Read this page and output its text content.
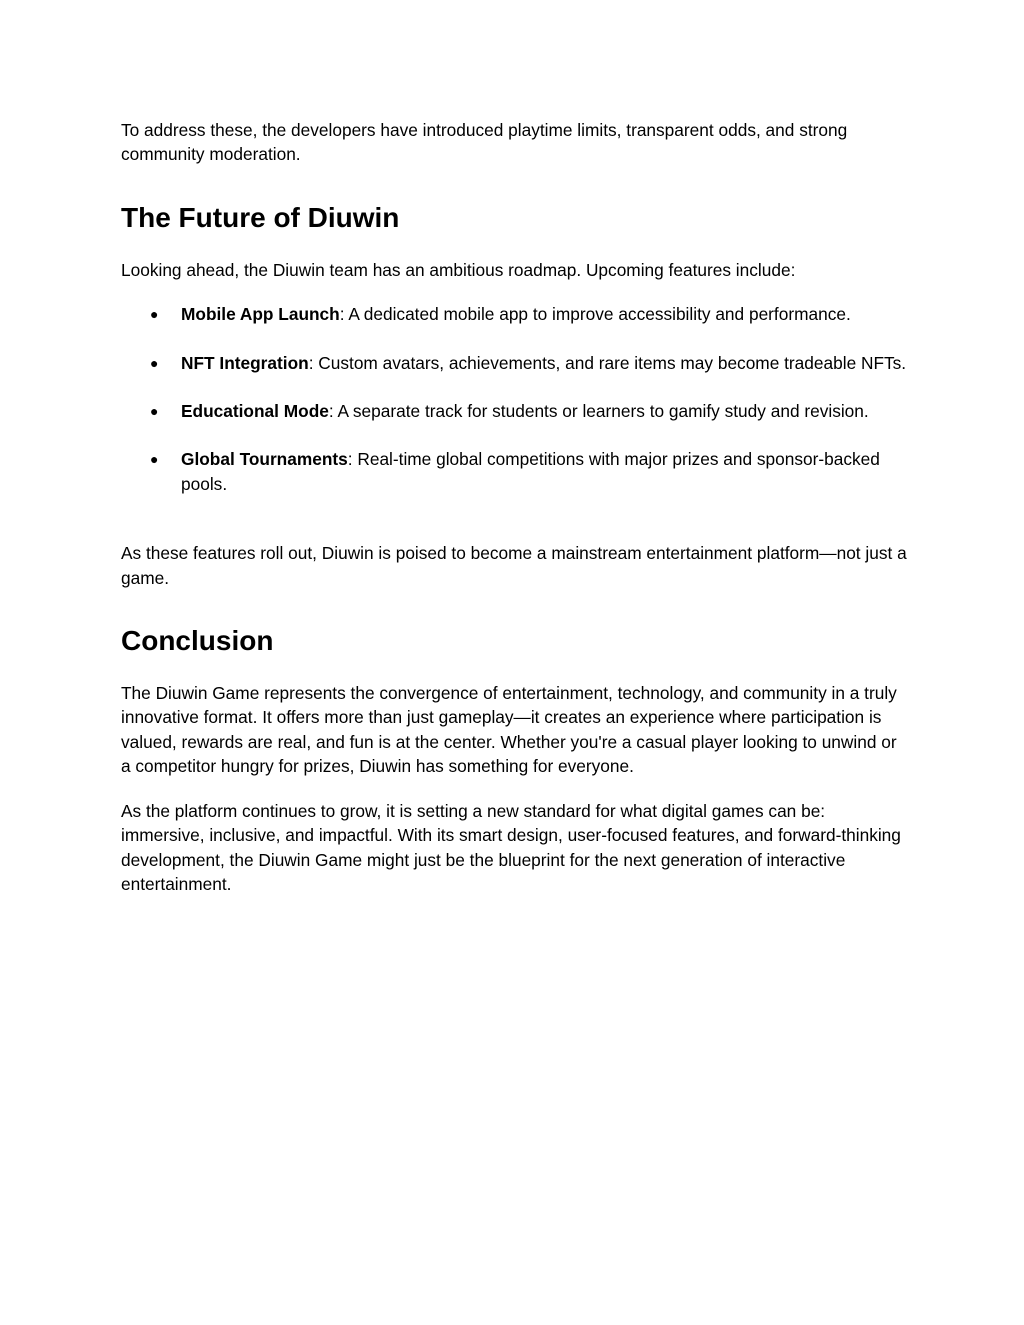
To address these, the developers have introduced playtime limits, transparent odds, and strong community moderation.

The Future of Diuwin

Looking ahead, the Diuwin team has an ambitious roadmap. Upcoming features include:

● Mobile App Launch: A dedicated mobile app to improve accessibility and performance.
● NFT Integration: Custom avatars, achievements, and rare items may become tradeable NFTs.
● Educational Mode: A separate track for students or learners to gamify study and revision.
● Global Tournaments: Real-time global competitions with major prizes and sponsor-backed pools.

As these features roll out, Diuwin is poised to become a mainstream entertainment platform—not just a game.

Conclusion

The Diuwin Game represents the convergence of entertainment, technology, and community in a truly innovative format. It offers more than just gameplay—it creates an experience where participation is valued, rewards are real, and fun is at the center. Whether you're a casual player looking to unwind or a competitor hungry for prizes, Diuwin has something for everyone.

As the platform continues to grow, it is setting a new standard for what digital games can be: immersive, inclusive, and impactful. With its smart design, user-focused features, and forward-thinking development, the Diuwin Game might just be the blueprint for the next generation of interactive entertainment.
